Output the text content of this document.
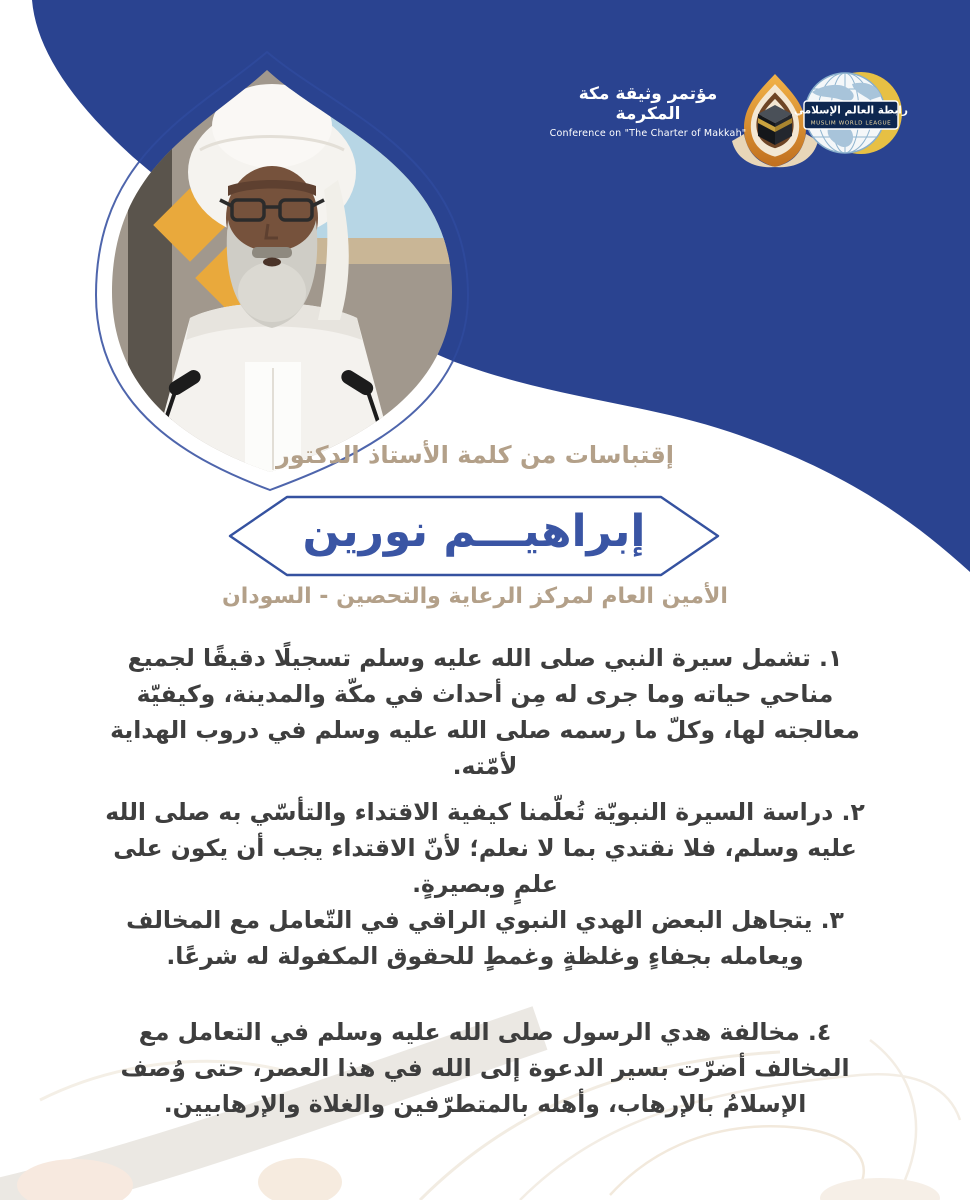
رابطة العالم الإسلامي
MUSLIM WORLD LEAGUE
مؤتمر وثيقة مكة المكرمة
Conference on "The Charter of Makkah"
إقتباسات من كلمة الأستاذ الدكتور
إبراهيـــم نورين
الأمين العام لمركز الرعاية والتحصين - السودان
١. تشمل سيرة النبي صلى الله عليه وسلم تسجيلًا دقيقًا لجميع مناحي حياته وما جرى له مِن أحداث في مكّة والمدينة، وكيفيّة معالجته لها، وكلّ ما رسمه صلى الله عليه وسلم في دروب الهداية لأمّته.
٢. دراسة السيرة النبويّة تُعلّمنا كيفية الاقتداء والتأسّي به صلى الله عليه وسلم، فلا نقتدي بما لا نعلم؛ لأنّ الاقتداء يجب أن يكون على علمٍ وبصيرةٍ.
٣. يتجاهل البعض الهدي النبوي الراقي في التّعامل مع المخالف ويعامله بجفاءٍ وغلظةٍ وغمطٍ للحقوق المكفولة له شرعًا.
٤. مخالفة هدي الرسول صلى الله عليه وسلم في التعامل مع المخالف أضرّت بسير الدعوة إلى الله في هذا العصر، حتى وُصف الإسلامُ بالإرهاب، وأهله بالمتطرّفين والغلاة والإرهابيين.
